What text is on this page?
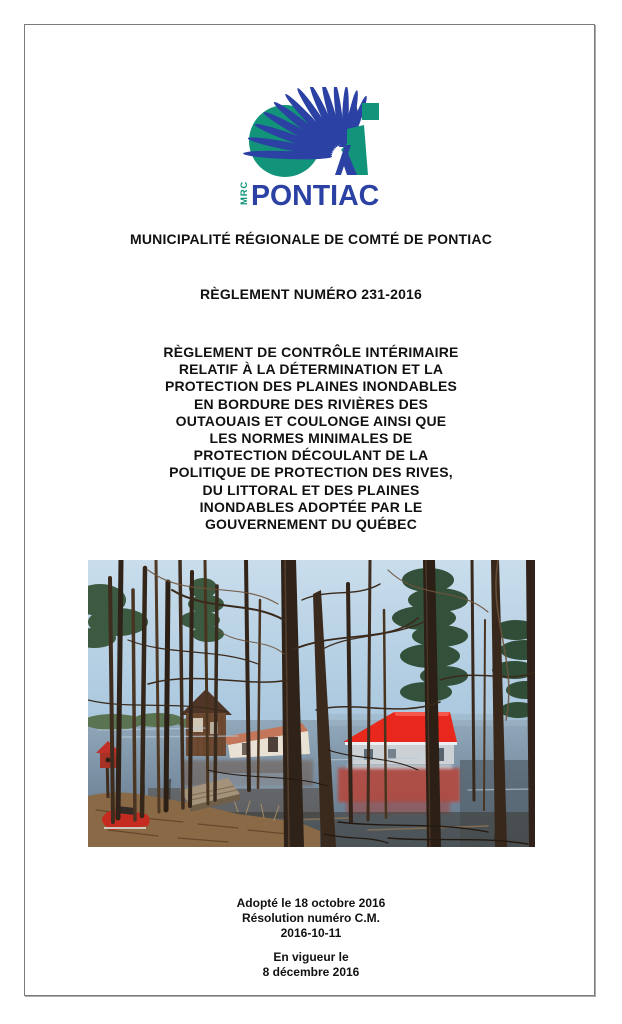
MRC PONTIAC
MUNICIPALITÉ RÉGIONALE DE COMTÉ DE PONTIAC
RÈGLEMENT NUMÉRO 231-2016
RÈGLEMENT DE CONTRÔLE INTÉRIMAIRE
RELATIF À LA DÉTERMINATION ET LA
PROTECTION DES PLAINES INONDABLES
EN BORDURE DES RIVIÈRES DES
OUTAOUAIS ET COULONGE AINSI QUE
LES NORMES MINIMALES DE
PROTECTION DÉCOULANT DE LA
POLITIQUE DE PROTECTION DES RIVES,
DU LITTORAL ET DES PLAINES
INONDABLES ADOPTÉE PAR LE
GOUVERNEMENT DU QUÉBEC
Adopté le 18 octobre 2016
Résolution numéro C.M.
2016-10-11
En vigueur le
8 décembre 2016
